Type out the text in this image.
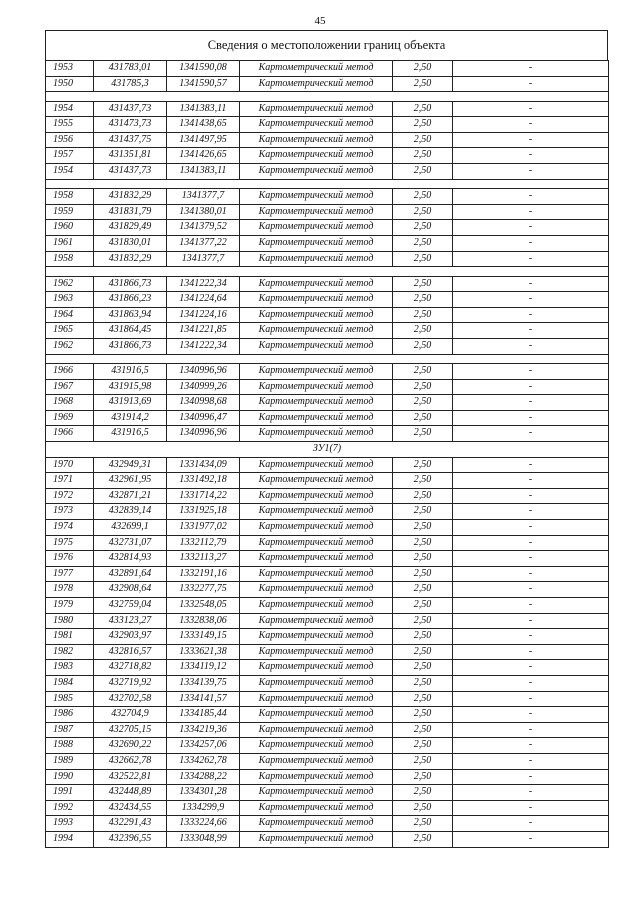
45
Сведения о местоположении границ объекта
1953	431783,01	1341590,08	Картометрический метод	2,50	-
1950	431785,3	1341590,57	Картометрический метод	2,50	-

1954	431437,73	1341383,11	Картометрический метод	2,50	-
1955	431473,73	1341438,65	Картометрический метод	2,50	-
1956	431437,75	1341497,95	Картометрический метод	2,50	-
1957	431351,81	1341426,65	Картометрический метод	2,50	-
1954	431437,73	1341383,11	Картометрический метод	2,50	-

1958	431832,29	1341377,7	Картометрический метод	2,50	-
1959	431831,79	1341380,01	Картометрический метод	2,50	-
1960	431829,49	1341379,52	Картометрический метод	2,50	-
1961	431830,01	1341377,22	Картометрический метод	2,50	-
1958	431832,29	1341377,7	Картометрический метод	2,50	-

1962	431866,73	1341222,34	Картометрический метод	2,50	-
1963	431866,23	1341224,64	Картометрический метод	2,50	-
1964	431863,94	1341224,16	Картометрический метод	2,50	-
1965	431864,45	1341221,85	Картометрический метод	2,50	-
1962	431866,73	1341222,34	Картометрический метод	2,50	-

1966	431916,5	1340996,96	Картометрический метод	2,50	-
1967	431915,98	1340999,26	Картометрический метод	2,50	-
1968	431913,69	1340998,68	Картометрический метод	2,50	-
1969	431914,2	1340996,47	Картометрический метод	2,50	-
1966	431916,5	1340996,96	Картометрический метод	2,50	-
ЗУ1(7)					
1970	432949,31	1331434,09	Картометрический метод	2,50	-
1971	432961,95	1331492,18	Картометрический метод	2,50	-
1972	432871,21	1331714,22	Картометрический метод	2,50	-
1973	432839,14	1331925,18	Картометрический метод	2,50	-
1974	432699,1	1331977,02	Картометрический метод	2,50	-
1975	432731,07	1332112,79	Картометрический метод	2,50	-
1976	432814,93	1332113,27	Картометрический метод	2,50	-
1977	432891,64	1332191,16	Картометрический метод	2,50	-
1978	432908,64	1332277,75	Картометрический метод	2,50	-
1979	432759,04	1332548,05	Картометрический метод	2,50	-
1980	433123,27	1332838,06	Картометрический метод	2,50	-
1981	432903,97	1333149,15	Картометрический метод	2,50	-
1982	432816,57	1333621,38	Картометрический метод	2,50	-
1983	432718,82	1334119,12	Картометрический метод	2,50	-
1984	432719,92	1334139,75	Картометрический метод	2,50	-
1985	432702,58	1334141,57	Картометрический метод	2,50	-
1986	432704,9	1334185,44	Картометрический метод	2,50	-
1987	432705,15	1334219,36	Картометрический метод	2,50	-
1988	432690,22	1334257,06	Картометрический метод	2,50	-
1989	432662,78	1334262,78	Картометрический метод	2,50	-
1990	432522,81	1334288,22	Картометрический метод	2,50	-
1991	432448,89	1334301,28	Картометрический метод	2,50	-
1992	432434,55	1334299,9	Картометрический метод	2,50	-
1993	432291,43	1333224,66	Картометрический метод	2,50	-
1994	432396,55	1333048,99	Картометрический метод	2,50	-
